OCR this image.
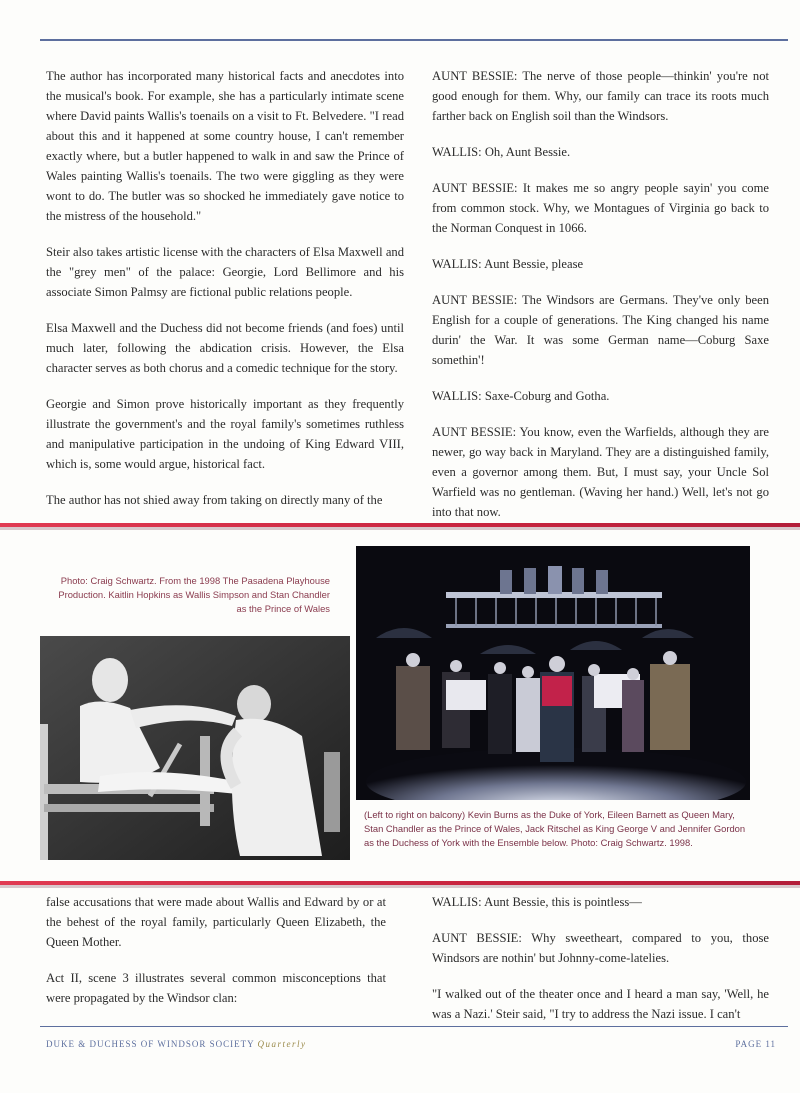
The author has incorporated many historical facts and anecdotes into the musical's book. For example, she has a particularly intimate scene where David paints Wallis's toenails on a visit to Ft. Belvedere. "I read about this and it happened at some country house, I can't remember exactly where, but a butler happened to walk in and saw the Prince of Wales painting Wallis's toenails. The two were giggling as they were wont to do. The butler was so shocked he immediately gave notice to the mistress of the household."

Steir also takes artistic license with the characters of Elsa Maxwell and the "grey men" of the palace: Georgie, Lord Bellimore and his associate Simon Palmsy are fictional public relations people.

Elsa Maxwell and the Duchess did not become friends (and foes) until much later, following the abdication crisis. However, the Elsa character serves as both chorus and a comedic technique for the story.

Georgie and Simon prove historically important as they frequently illustrate the government's and the royal family's sometimes ruthless and manipulative participation in the undoing of King Edward VIII, which is, some would argue, historical fact.

The author has not shied away from taking on directly many of the

AUNT BESSIE: The nerve of those people—thinkin' you're not good enough for them. Why, our family can trace its roots much farther back on English soil than the Windsors.

WALLIS: Oh, Aunt Bessie.

AUNT BESSIE: It makes me so angry people sayin' you come from common stock. Why, we Montagues of Virginia go back to the Norman Conquest in 1066.

WALLIS: Aunt Bessie, please

AUNT BESSIE: The Windsors are Germans. They've only been English for a couple of generations. The King changed his name durin' the War. It was some German name—Coburg Saxe somethin'!

WALLIS: Saxe-Coburg and Gotha.

AUNT BESSIE: You know, even the Warfields, although they are newer, go way back in Maryland. They are a distinguished family, even a governor among them. But, I must say, your Uncle Sol Warfield was no gentleman. (Waving her hand.) Well, let's not go into that now.

Photo: Craig Schwartz. From the 1998 The Pasadena Playhouse Production. Kaitlin Hopkins as Wallis Simpson and Stan Chandler as the Prince of Wales
(Left to right on balcony) Kevin Burns as the Duke of York, Eileen Barnett as Queen Mary, Stan Chandler as the Prince of Wales, Jack Ritschel as King George V and Jennifer Gordon as the Duchess of York with the Ensemble below. Photo: Craig Schwartz. 1998.

false accusations that were made about Wallis and Edward by or at the behest of the royal family, particularly Queen Elizabeth, the Queen Mother.

Act II, scene 3 illustrates several common misconceptions that were propagated by the Windsor clan:

WALLIS: Aunt Bessie, this is pointless—

AUNT BESSIE: Why sweetheart, compared to you, those Windsors are nothin' but Johnny-come-latelies.

"I walked out of the theater once and I heard a man say, 'Well, he was a Nazi.' Steir said, "I try to address the Nazi issue. I can't

DUKE & DUCHESS OF WINDSOR SOCIETY Quarterly	PAGE 11
